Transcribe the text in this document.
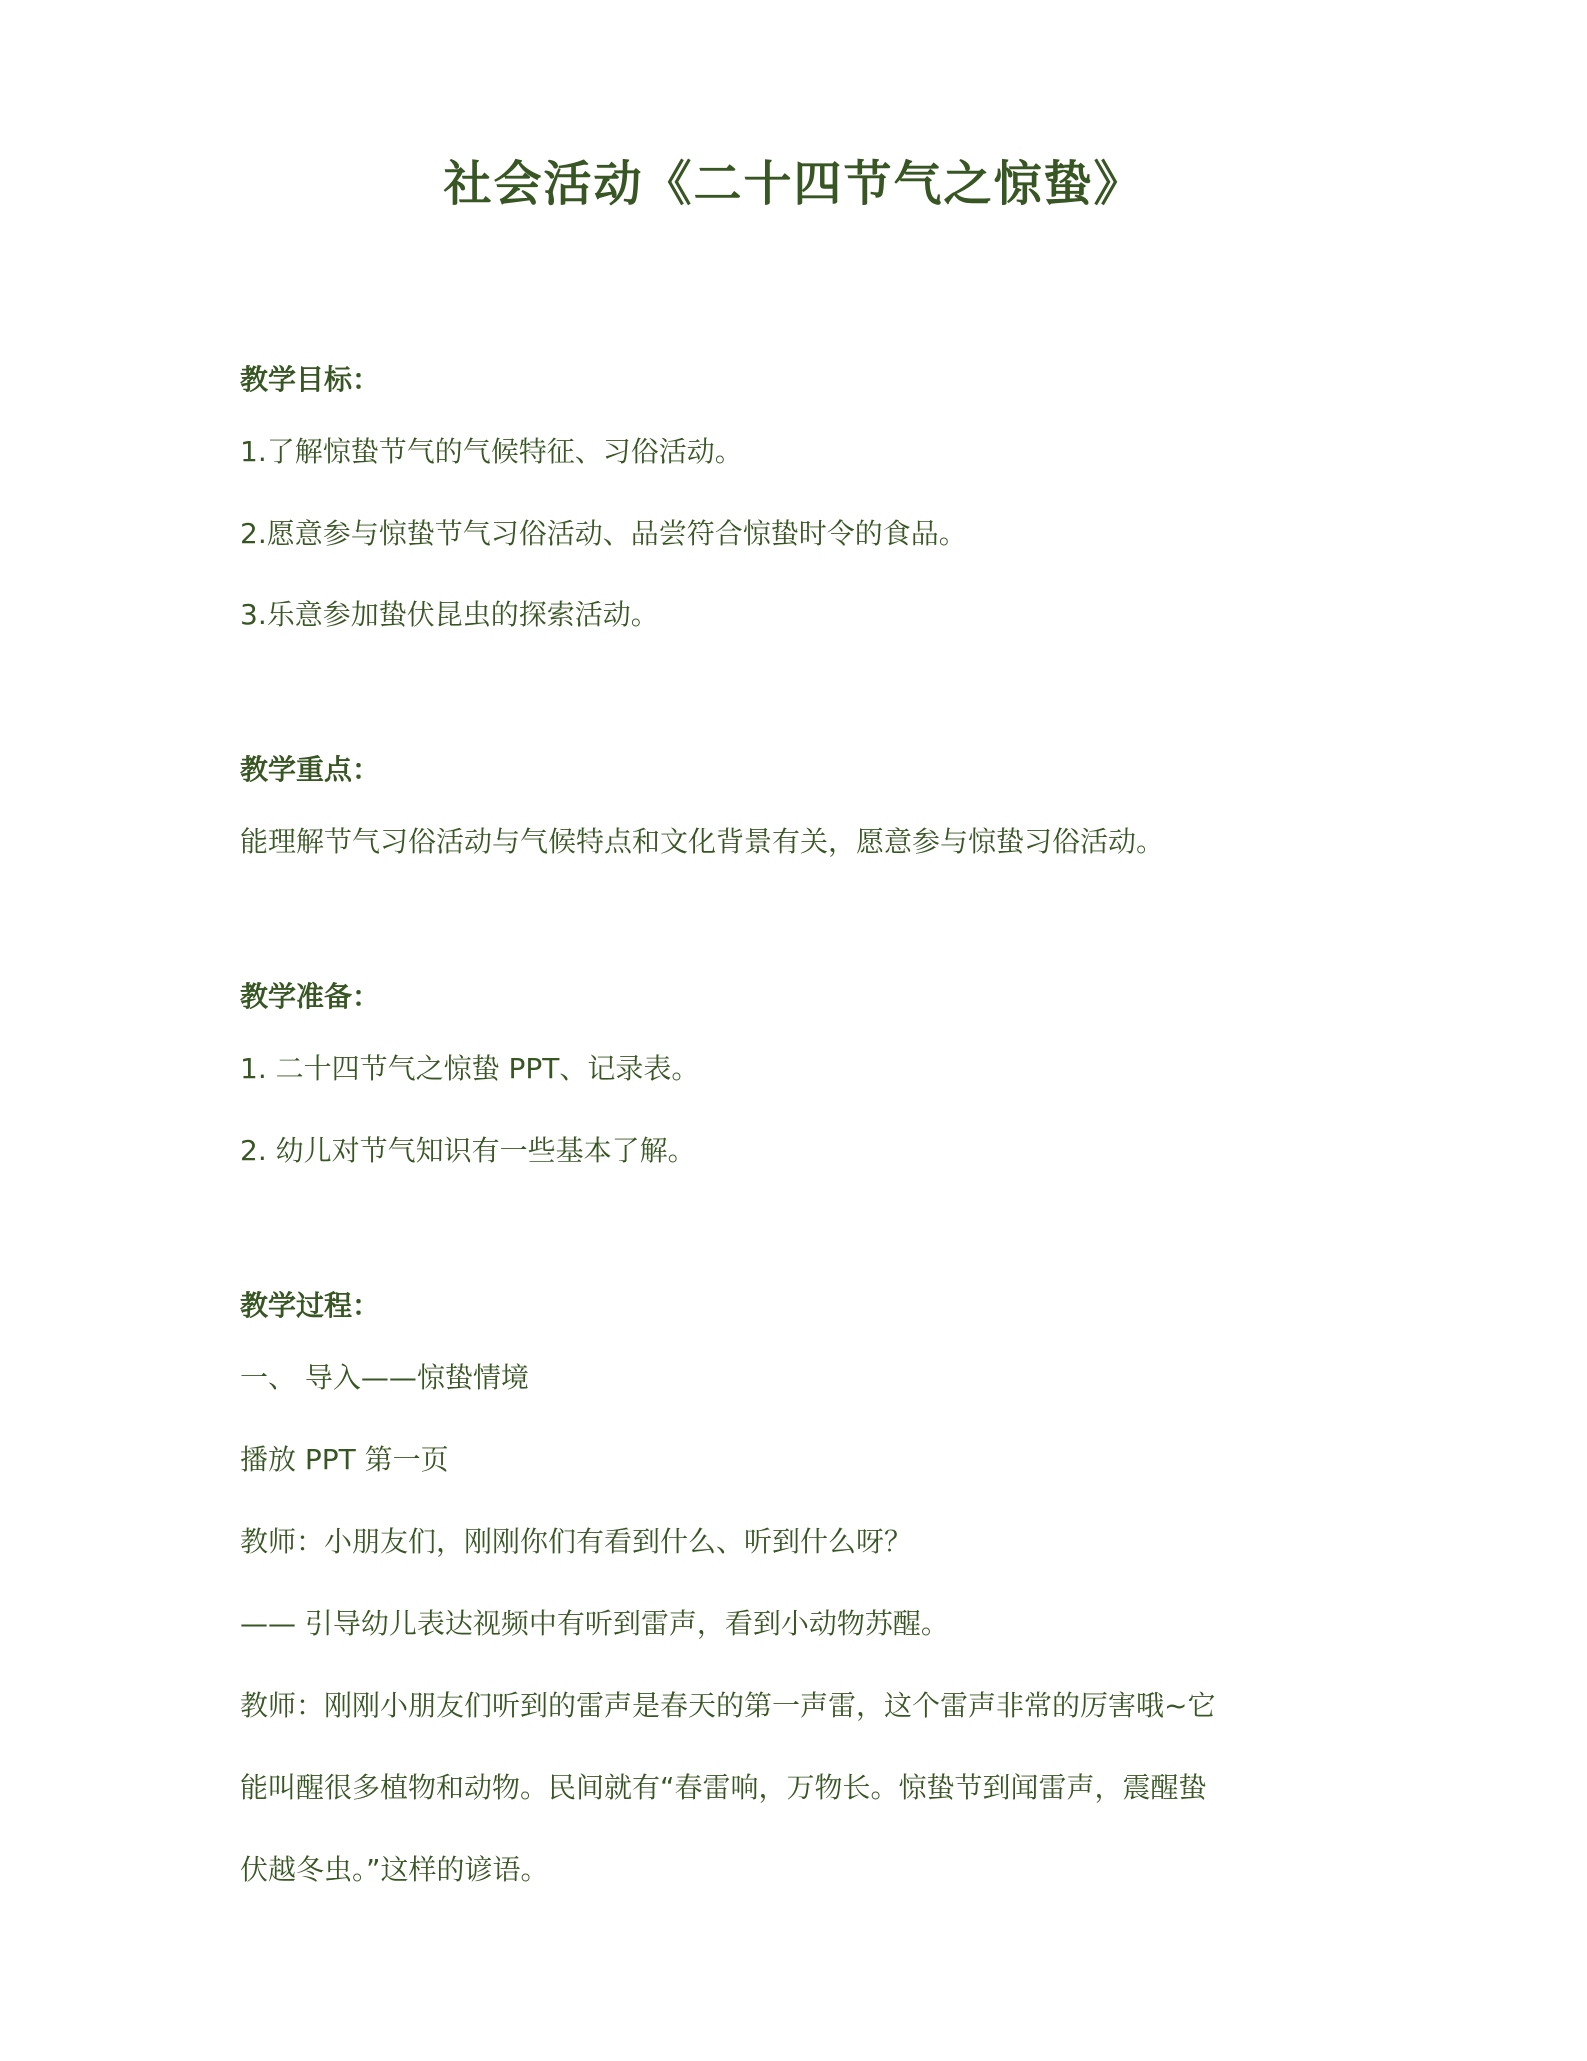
社会活动《二十四节气之惊蛰》
教学目标：
1.了解惊蛰节气的气候特征、习俗活动。
2.愿意参与惊蛰节气习俗活动、品尝符合惊蛰时令的食品。
3.乐意参加蛰伏昆虫的探索活动。
教学重点：
能理解节气习俗活动与气候特点和文化背景有关，愿意参与惊蛰习俗活动。
教学准备：
1. 二十四节气之惊蛰 PPT、记录表。
2. 幼儿对节气知识有一些基本了解。
教学过程：
一、 导入——惊蛰情境
播放 PPT 第一页
教师：小朋友们，刚刚你们有看到什么、听到什么呀？
—— 引导幼儿表达视频中有听到雷声，看到小动物苏醒。
教师：刚刚小朋友们听到的雷声是春天的第一声雷，这个雷声非常的厉害哦~它
能叫醒很多植物和动物。民间就有“春雷响，万物长。惊蛰节到闻雷声，震醒蛰
伏越冬虫。”这样的谚语。
